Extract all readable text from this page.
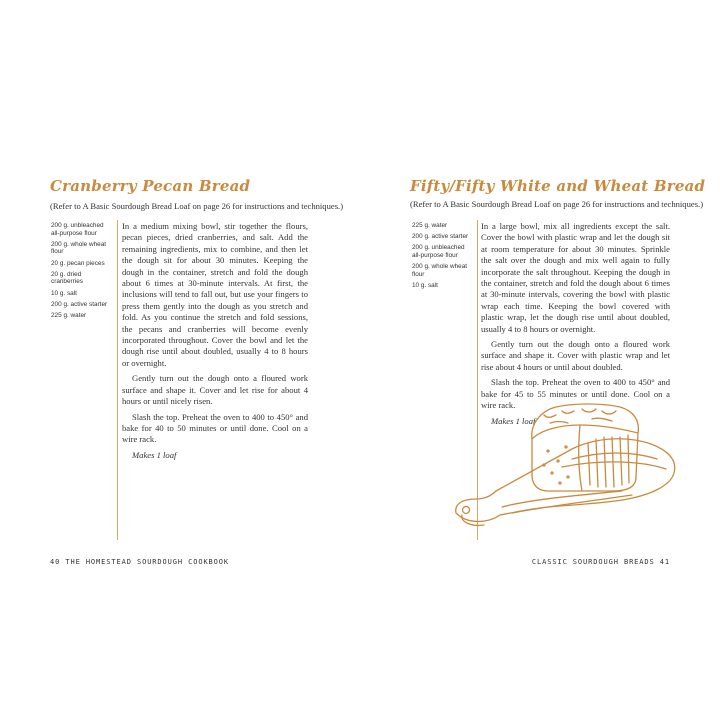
Cranberry Pecan Bread

(Refer to A Basic Sourdough Bread Loaf on page 26 for instructions and techniques.)

200 g. unbleached all-purpose flour
200 g. whole wheat flour
20 g. pecan pieces
20 g. dried cranberries
10 g. salt
200 g. active starter
225 g. water

In a medium mixing bowl, stir together the flours, pecan pieces, dried cranberries, and salt. Add the remaining ingredients, mix to combine, and then let the dough sit for about 30 minutes. Keeping the dough in the container, stretch and fold the dough about 6 times at 30-minute intervals. At first, the inclusions will tend to fall out, but use your fingers to press them gently into the dough as you stretch and fold. As you continue the stretch and fold sessions, the pecans and cranberries will become evenly incorporated throughout. Cover the bowl and let the dough rise until about doubled, usually 4 to 8 hours or overnight.

Gently turn out the dough onto a floured work surface and shape it. Cover and let rise for about 4 hours or until nicely risen.

Slash the top. Preheat the oven to 400 to 450° and bake for 40 to 50 minutes or until done. Cool on a wire rack.

Makes 1 loaf

40 THE HOMESTEAD SOURDOUGH COOKBOOK
Fifty/Fifty White and Wheat Bread

(Refer to A Basic Sourdough Bread Loaf on page 26 for instructions and techniques.)

225 g. water
200 g. active starter
200 g. unbleached all-purpose flour
200 g. whole wheat flour
10 g. salt

In a large bowl, mix all ingredients except the salt. Cover the bowl with plastic wrap and let the dough sit at room temperature for about 30 minutes. Sprinkle the salt over the dough and mix well again to fully incorporate the salt throughout. Keeping the dough in the container, stretch and fold the dough about 6 times at 30-minute intervals, covering the bowl with plastic wrap each time. Keeping the bowl covered with plastic wrap, let the dough rise until about doubled, usually 4 to 8 hours or overnight.

Gently turn out the dough onto a floured work surface and shape it. Cover with plastic wrap and let rise about 4 hours or until about doubled.

Slash the top. Preheat the oven to 400 to 450° and bake for 45 to 55 minutes or until done. Cool on a wire rack.

Makes 1 loaf

CLASSIC SOURDOUGH BREADS 41
